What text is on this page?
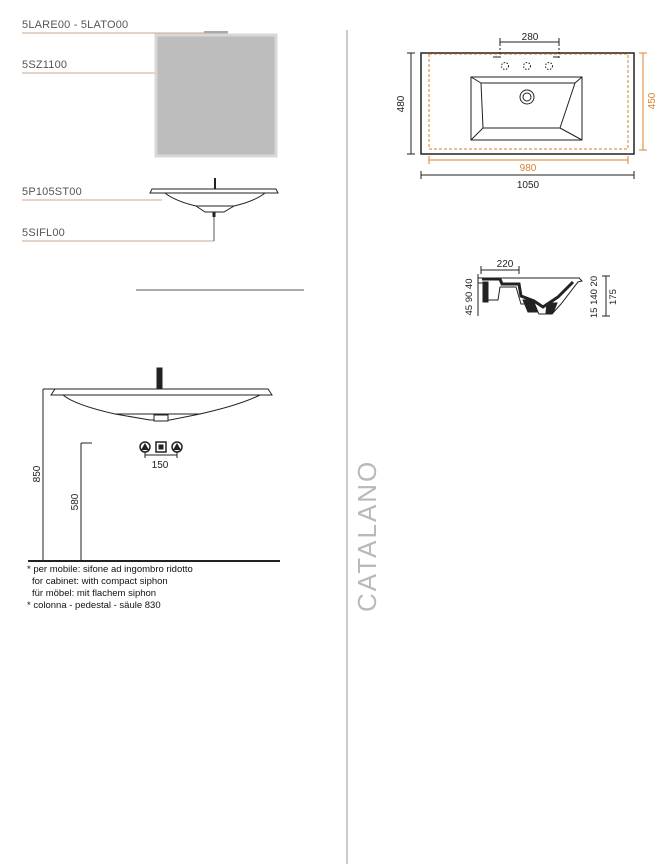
280
480	450
980
1050
220
45 90 40	15 140 20 175
150
850
580
5LARE00 - 5LATO00
5SZ1100
5P105ST00
5SIFL00
* per mobile: sifone ad ingombro ridotto
for cabinet: with compact siphon
für möbel: mit flachem siphon
* colonna - pedestal - säule 830	CATALANO
